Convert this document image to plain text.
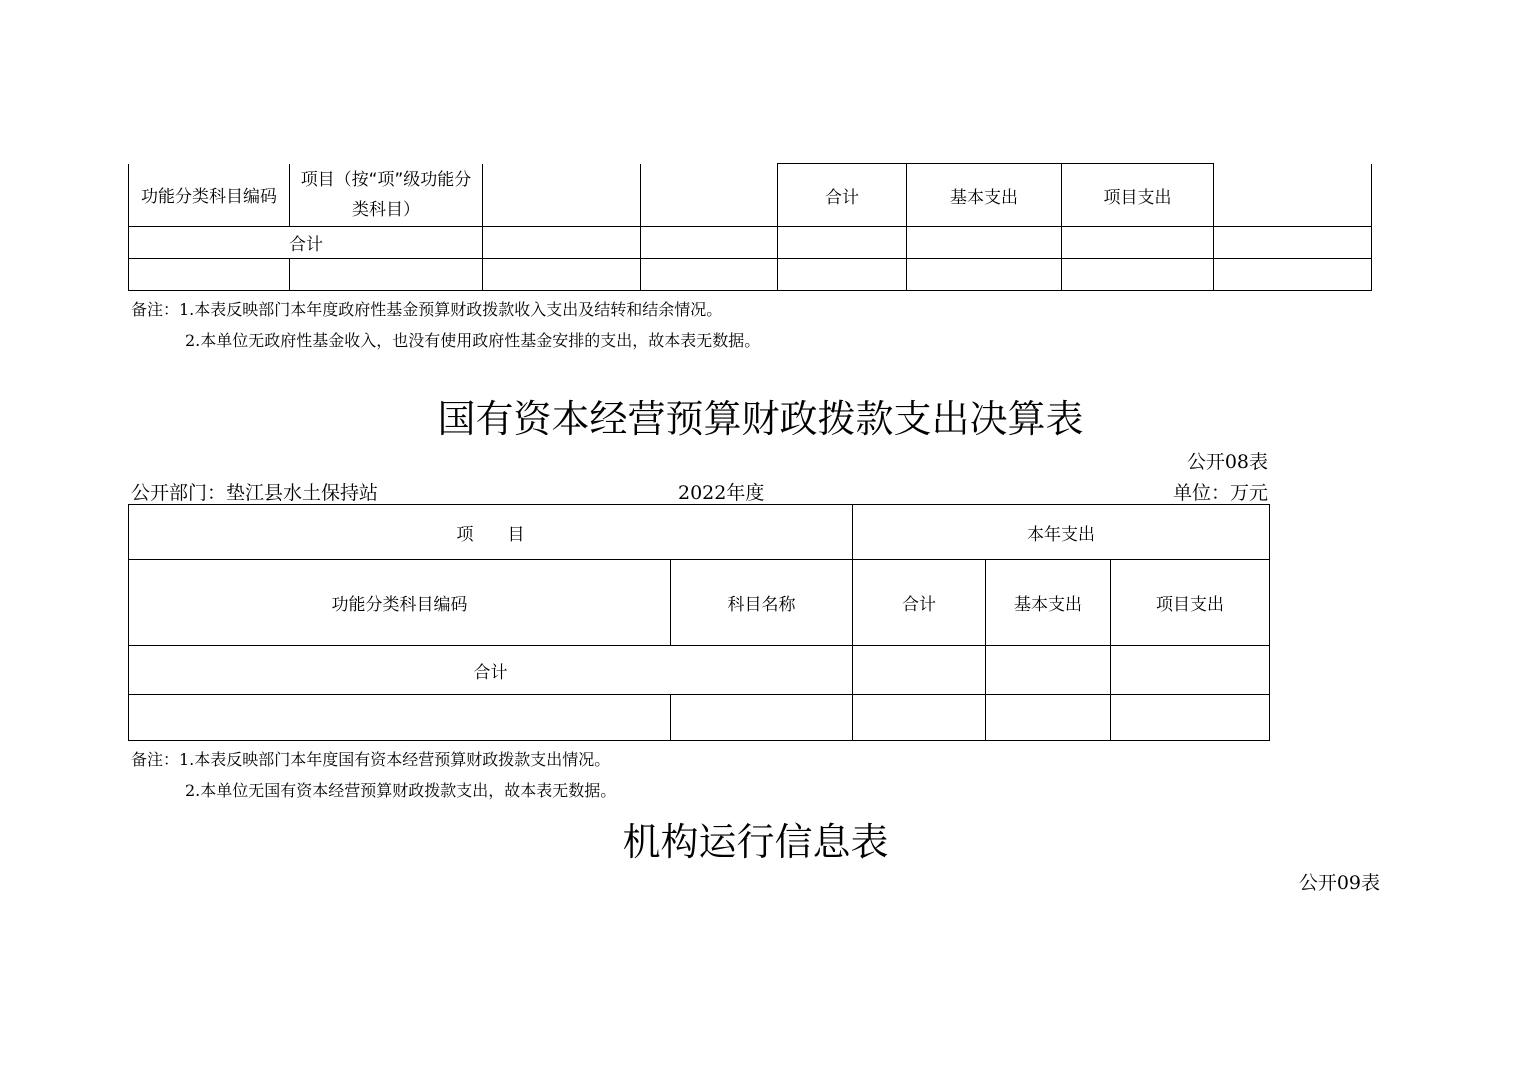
功能分类科目编码	项目（按“项”级功能分类科目）			合计	基本支出	项目支出	
合计							

备注：1.本表反映部门本年度政府性基金预算财政拨款收入支出及结转和结余情况。
2.本单位无政府性基金收入，也没有使用政府性基金安排的支出，故本表无数据。
国有资本经营预算财政拨款支出决算表
公开08表
公开部门：垫江县水土保持站	2022年度	单位：万元
项　　目		本年支出		
功能分类科目编码	科目名称	合计	基本支出	项目支出
合计				

备注：1.本表反映部门本年度国有资本经营预算财政拨款支出情况。
2.本单位无国有资本经营预算财政拨款支出，故本表无数据。
机构运行信息表
公开09表
